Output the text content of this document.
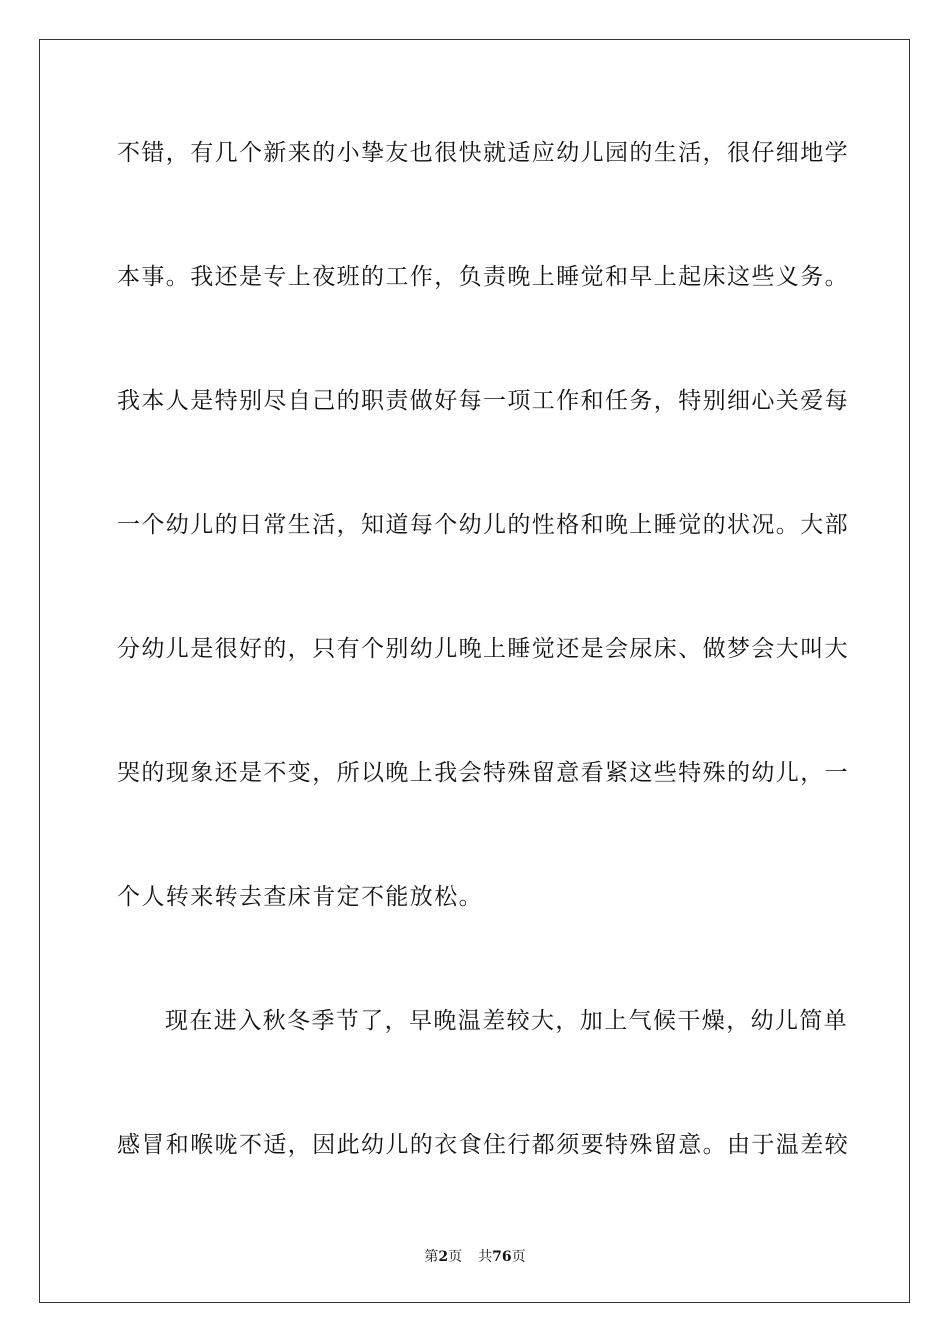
不错，有几个新来的小挚友也很快就适应幼儿园的生活，很仔细地学
本事。我还是专上夜班的工作，负责晚上睡觉和早上起床这些义务。
我本人是特别尽自己的职责做好每一项工作和任务，特别细心关爱每
一个幼儿的日常生活，知道每个幼儿的性格和晚上睡觉的状况。大部
分幼儿是很好的，只有个别幼儿晚上睡觉还是会尿床、做梦会大叫大
哭的现象还是不变，所以晚上我会特殊留意看紧这些特殊的幼儿，一
个人转来转去查床肯定不能放松。
现在进入秋冬季节了，早晚温差较大，加上气候干燥，幼儿简单
感冒和喉咙不适，因此幼儿的衣食住行都须要特殊留意。由于温差较
第2页 共76页
